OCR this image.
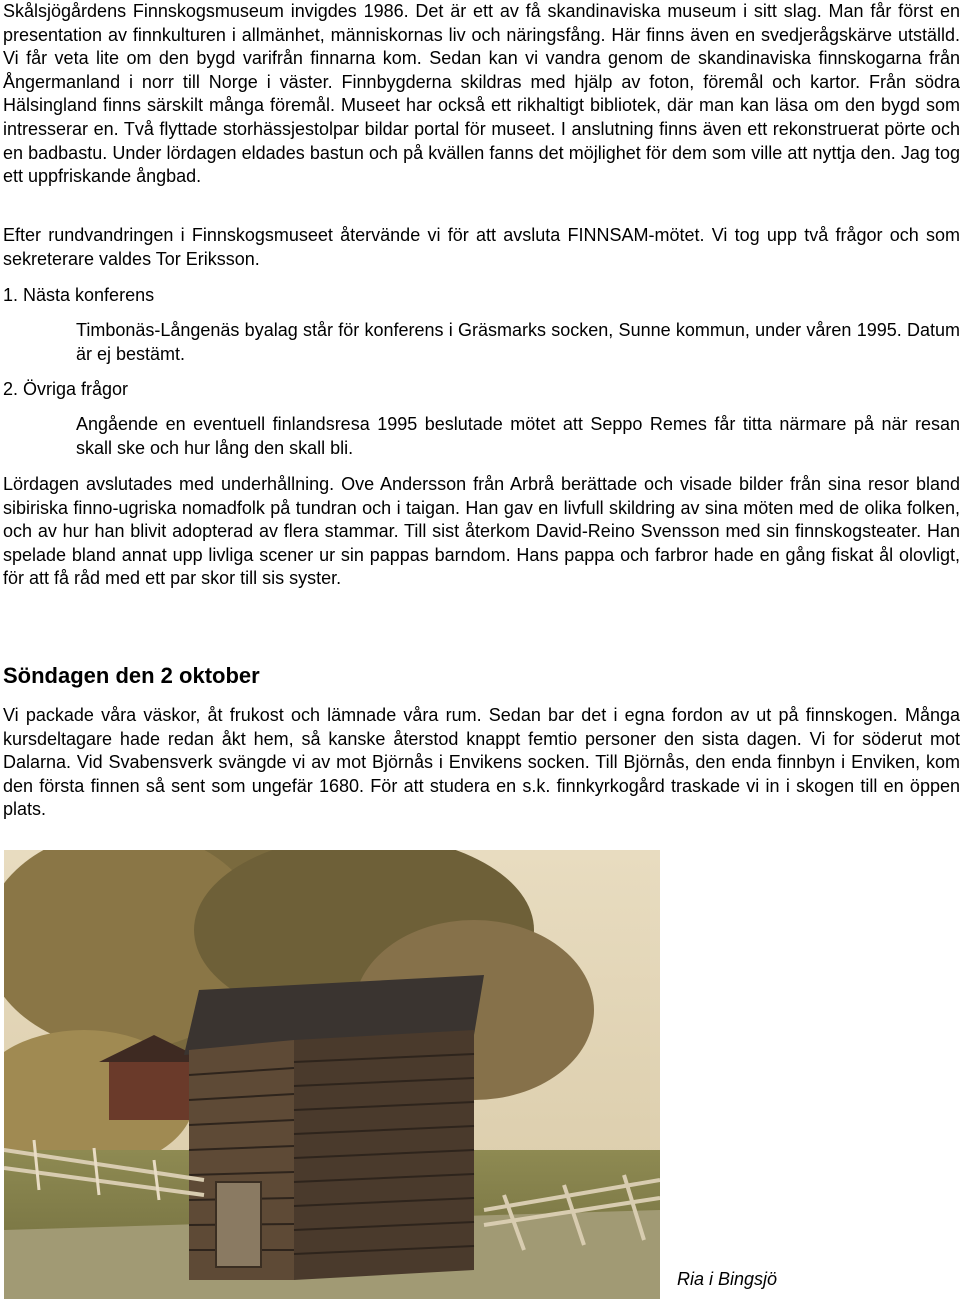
Skålsjögårdens Finnskogsmuseum invigdes 1986. Det är ett av få skandinaviska museum i sitt slag. Man får först en presentation av finnkulturen i allmänhet, människornas liv och näringsfång. Här finns även en svedjerågskärve utställd. Vi får veta lite om den bygd varifrån finnarna kom. Sedan kan vi vandra genom de skandinaviska finnskogarna från Ångermanland i norr till Norge i väster. Finnbygderna skildras med hjälp av foton, föremål och kartor. Från södra Hälsingland finns särskilt många föremål. Museet har också ett rikhaltigt bibliotek, där man kan läsa om den bygd som intresserar en. Två flyttade storhässjestolpar bildar portal för museet. I anslutning finns även ett rekonstruerat pörte och en badbastu. Under lördagen eldades bastun och på kvällen fanns det möjlighet för dem som ville att nyttja den. Jag tog ett uppfriskande ångbad.

Efter rundvandringen i Finnskogsmuseet återvände vi för att avsluta FINNSAM-mötet. Vi tog upp två frågor och som sekreterare valdes Tor Eriksson.

1. Nästa konferens
Timbonäs-Långenäs byalag står för konferens i Gräsmarks socken, Sunne kommun, under våren 1995. Datum är ej bestämt.
2. Övriga frågor
Angående en eventuell finlandsresa 1995 beslutade mötet att Seppo Remes får titta närmare på när resan skall ske och hur lång den skall bli.

Lördagen avslutades med underhållning. Ove Andersson från Arbrå berättade och visade bilder från sina resor bland sibiriska finno-ugriska nomadfolk på tundran och i taigan. Han gav en livfull skildring av sina möten med de olika folken, och av hur han blivit adopterad av flera stammar. Till sist återkom David-Reino Svensson med sin finnskogsteater. Han spelade bland annat upp livliga scener ur sin pappas barndom. Hans pappa och farbror hade en gång fiskat ål olovligt, för att få råd med ett par skor till sis syster.

Söndagen den 2 oktober

Vi packade våra väskor, åt frukost och lämnade våra rum. Sedan bar det i egna fordon av ut på finnskogen. Många kursdeltagare hade redan åkt hem, så kanske återstod knappt femtio personer den sista dagen. Vi for söderut mot Dalarna. Vid Svabensverk svängde vi av mot Björnås i Envikens socken. Till Björnås, den enda finnbyn i Enviken, kom den första finnen så sent som ungefär 1680. För att studera en s.k. finnkyrkogård traskade vi in i skogen till en öppen plats.

Ria i Bingsjö
